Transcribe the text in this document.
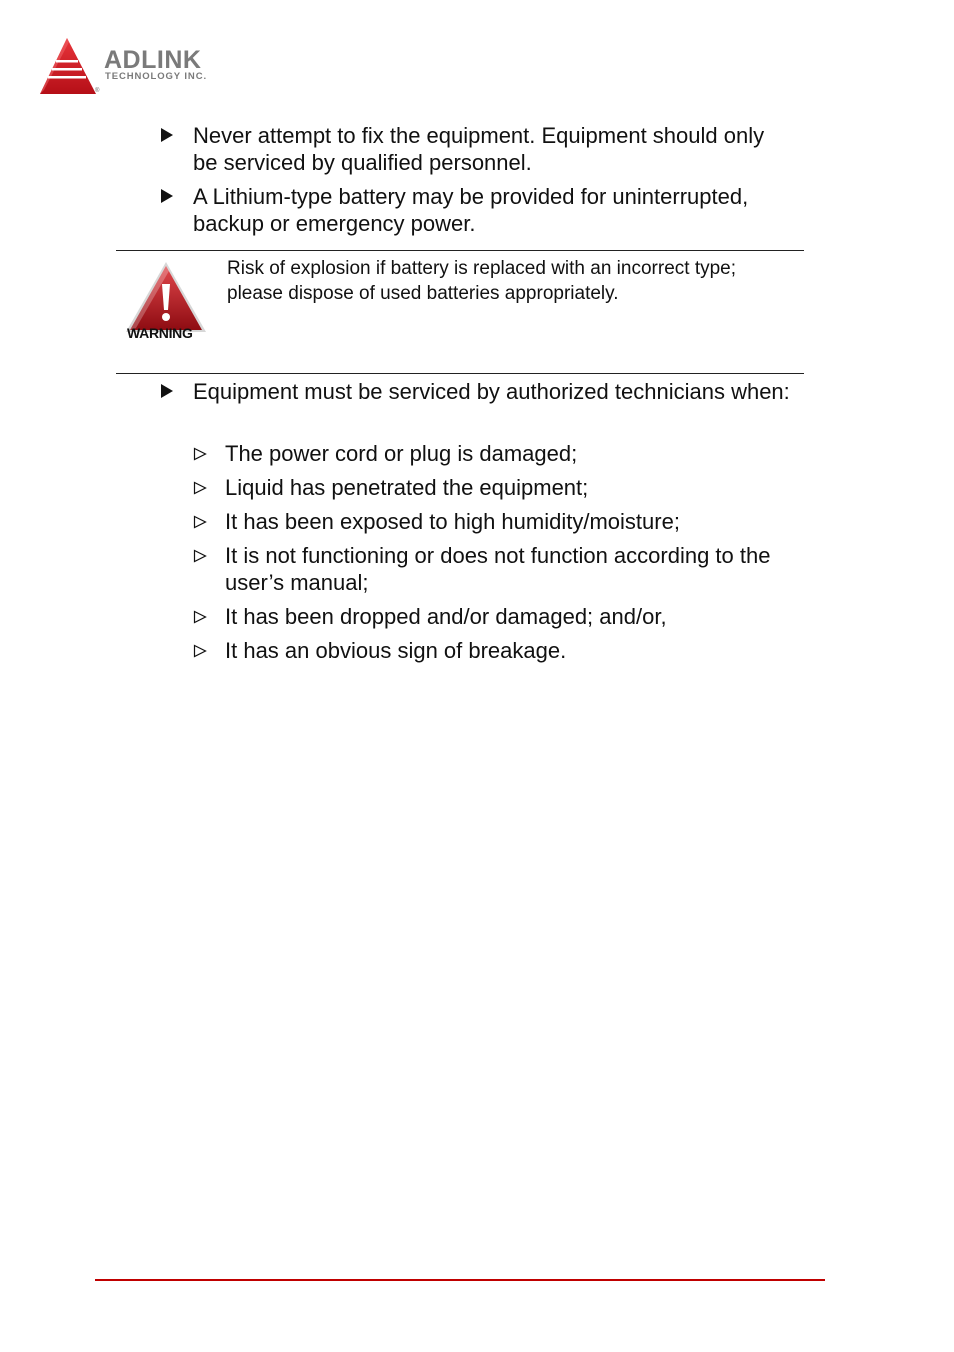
ADLINK
TECHNOLOGY INC.
®
Never attempt to fix the equipment. Equipment should only be serviced by qualified personnel.
A Lithium-type battery may be provided for uninterrupted, backup or emergency power.
WARNING
Risk of explosion if battery is replaced with an incorrect type; please dispose of used batteries appropriately.
Equipment must be serviced by authorized technicians when:
The power cord or plug is damaged;
Liquid has penetrated the equipment;
It has been exposed to high humidity/moisture;
It is not functioning or does not function according to the user’s manual;
It has been dropped and/or damaged; and/or,
It has an obvious sign of breakage.
